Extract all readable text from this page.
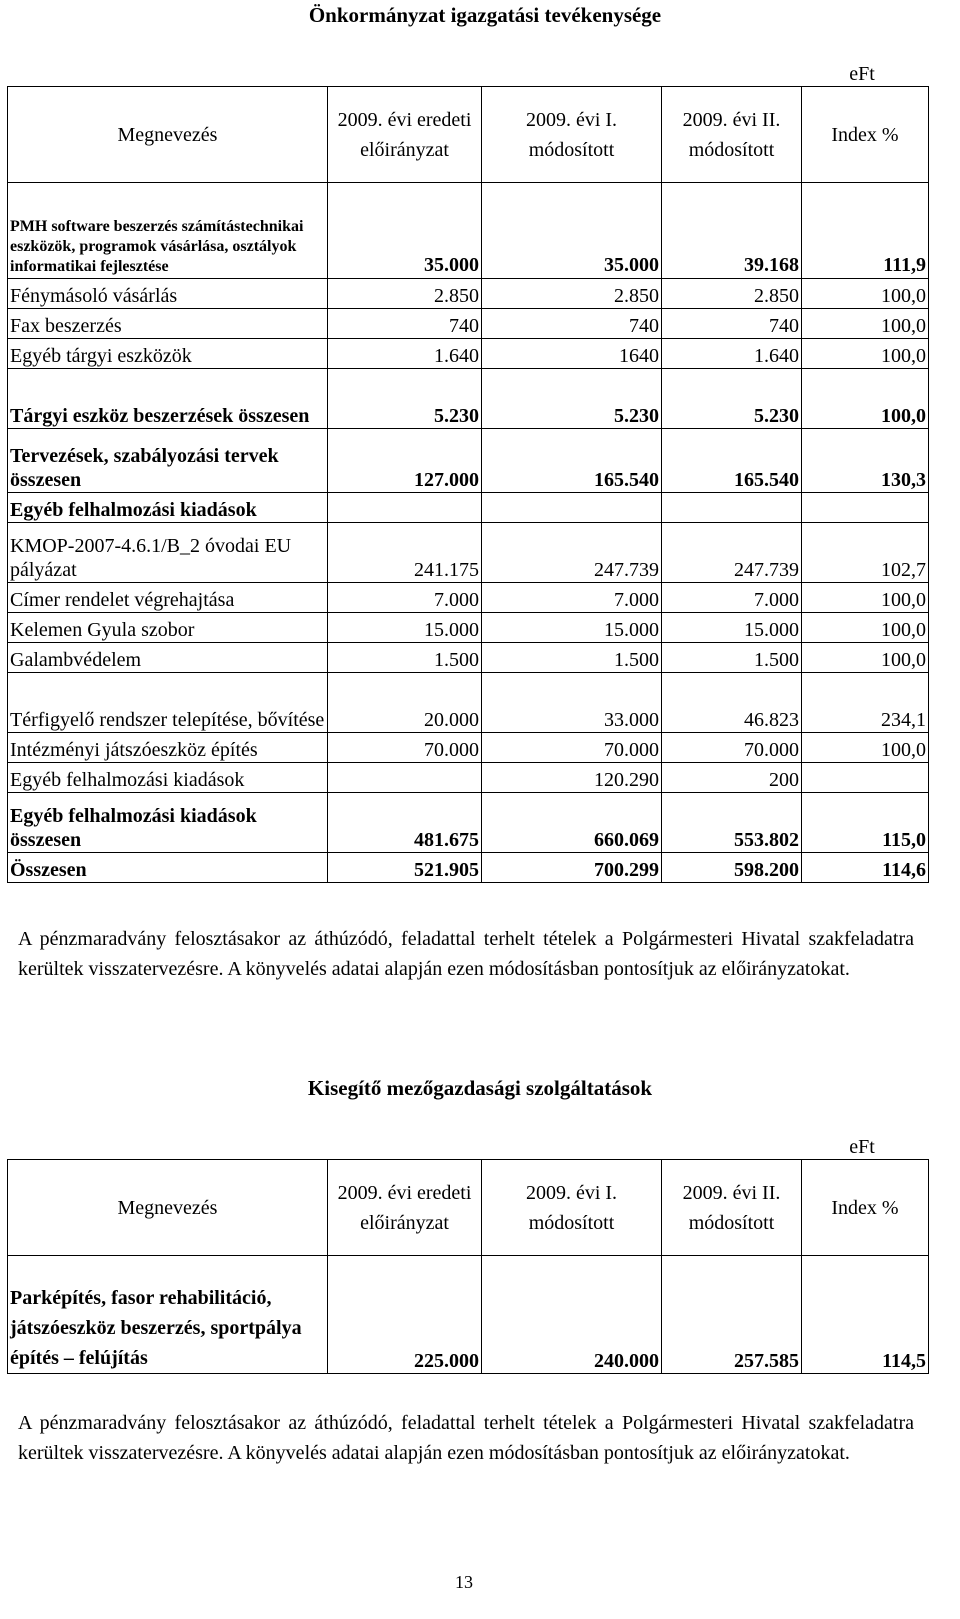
Önkormányzat igazgatási tevékenysége
eFt
Megnevezés	2009. évi eredeti előirányzat	2009. évi I. módosított	2009. évi II. módosított	Index %
PMH software beszerzés számítástechnikai eszközök, programok vásárlása, osztályok informatikai fejlesztése	35.000	35.000	39.168	111,9
Fénymásoló vásárlás	2.850	2.850	2.850	100,0
Fax beszerzés	740	740	740	100,0
Egyéb tárgyi eszközök	1.640	1640	1.640	100,0
Tárgyi eszköz beszerzések összesen	5.230	5.230	5.230	100,0
Tervezések, szabályozási tervek összesen	127.000	165.540	165.540	130,3
Egyéb felhalmozási kiadások				
KMOP-2007-4.6.1/B_2 óvodai EU pályázat	241.175	247.739	247.739	102,7
Címer rendelet végrehajtása	7.000	7.000	7.000	100,0
Kelemen Gyula szobor	15.000	15.000	15.000	100,0
Galambvédelem	1.500	1.500	1.500	100,0
Térfigyelő rendszer telepítése, bővítése	20.000	33.000	46.823	234,1
Intézményi játszóeszköz építés	70.000	70.000	70.000	100,0
Egyéb felhalmozási kiadások		120.290	200	
Egyéb felhalmozási kiadások összesen	481.675	660.069	553.802	115,0
Összesen	521.905	700.299	598.200	114,6

A pénzmaradvány felosztásakor az áthúzódó, feladattal terhelt tételek a Polgármesteri Hivatal szakfeladatra kerültek visszatervezésre. A könyvelés adatai alapján ezen módosításban pontosítjuk az előirányzatokat.

Kisegítő mezőgazdasági szolgáltatások
eFt
Megnevezés	2009. évi eredeti előirányzat	2009. évi I. módosított	2009. évi II. módosított	Index %
Parképítés, fasor rehabilitáció, játszóeszköz beszerzés, sportpálya építés – felújítás	225.000	240.000	257.585	114,5

A pénzmaradvány felosztásakor az áthúzódó, feladattal terhelt tételek a Polgármesteri Hivatal szakfeladatra kerültek visszatervezésre. A könyvelés adatai alapján ezen módosításban pontosítjuk az előirányzatokat.

13
